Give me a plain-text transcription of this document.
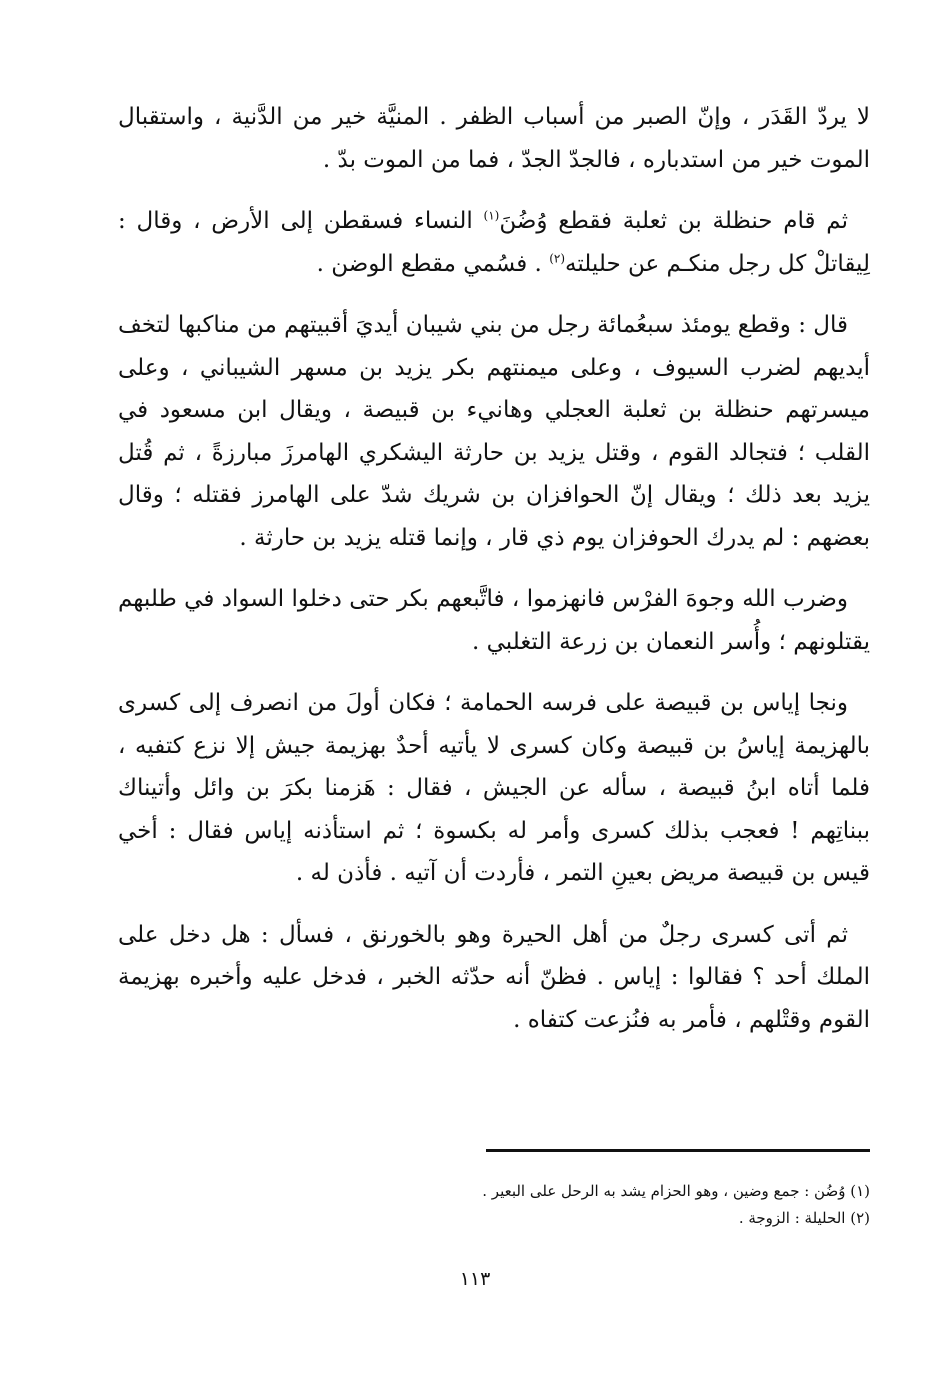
لا يردّ القَدَر ، وإنّ الصبر من أسباب الظفر . المنيَّة خير من الدَّنية ، واستقبال الموت خير من استدباره ، فالجدّ الجدّ ، فما من الموت بدّ .

ثم قام حنظلة بن ثعلبة فقطع وُضُنَ$^{(١)}$ النساء فسقطن إلى الأرض ، وقال : لِيقاتلْ كل رجل منكـم عن حليلته$^{(٢)}$ . فسُمي مقطع الوضن .

قال : وقطع يومئذ سبعُمائة رجل من بني شيبان أيديَ أقبيتهم من مناكبها لتخف أيديهم لضرب السيوف ، وعلى ميمنتهم بكر يزيد بن مسهر الشيباني ، وعلى ميسرتهم حنظلة بن ثعلبة العجلي وهانيء بن قبيصة ، ويقال ابن مسعود في القلب ؛ فتجالد القوم ، وقتل يزيد بن حارثة اليشكري الهامرزَ مبارزةً ، ثم قُتل يزيد بعد ذلك ؛ ويقال إنّ الحوافزان بن شريك شدّ على الهامرز فقتله ؛ وقال بعضهم : لم يدرك الحوفزان يوم ذي قار ، وإنما قتله يزيد بن حارثة .

وضرب الله وجوهَ الفرْس فانهزموا ، فاتَّبعهم بكر حتى دخلوا السواد في طلبهم يقتلونهم ؛ وأُسر النعمان بن زرعة التغلبي .

ونجا إياس بن قبيصة على فرسه الحمامة ؛ فكان أولَ من انصرف إلى كسرى بالهزيمة إياسُ بن قبيصة وكان كسرى لا يأتيه أحدٌ بهزيمة جيش إلا نزع كتفيه ، فلما أتاه ابنُ قبيصة ، سأله عن الجيش ، فقال : هَزمنا بكرَ بن وائل وأتيناك ببناتِهم ! فعجب بذلك كسرى وأمر له بكسوة ؛ ثم استأذنه إياس فقال : أخي قيس بن قبيصة مريض بعينِ التمر ، فأردت أن آتيه . فأذن له .

ثم أتى كسرى رجلٌ من أهل الحيرة وهو بالخورنق ، فسأل : هل دخل على الملك أحد ؟ فقالوا : إياس . فظنّ أنه حدّثه الخبر ، فدخل عليه وأخبره بهزيمة القوم وقتْلهم ، فأمر به فنُزعت كتفاه .

(١) وُضُن : جمع وضين ، وهو الحزام يشد به الرحل على البعير .

(٢) الحليلة : الزوجة .

١١٣
